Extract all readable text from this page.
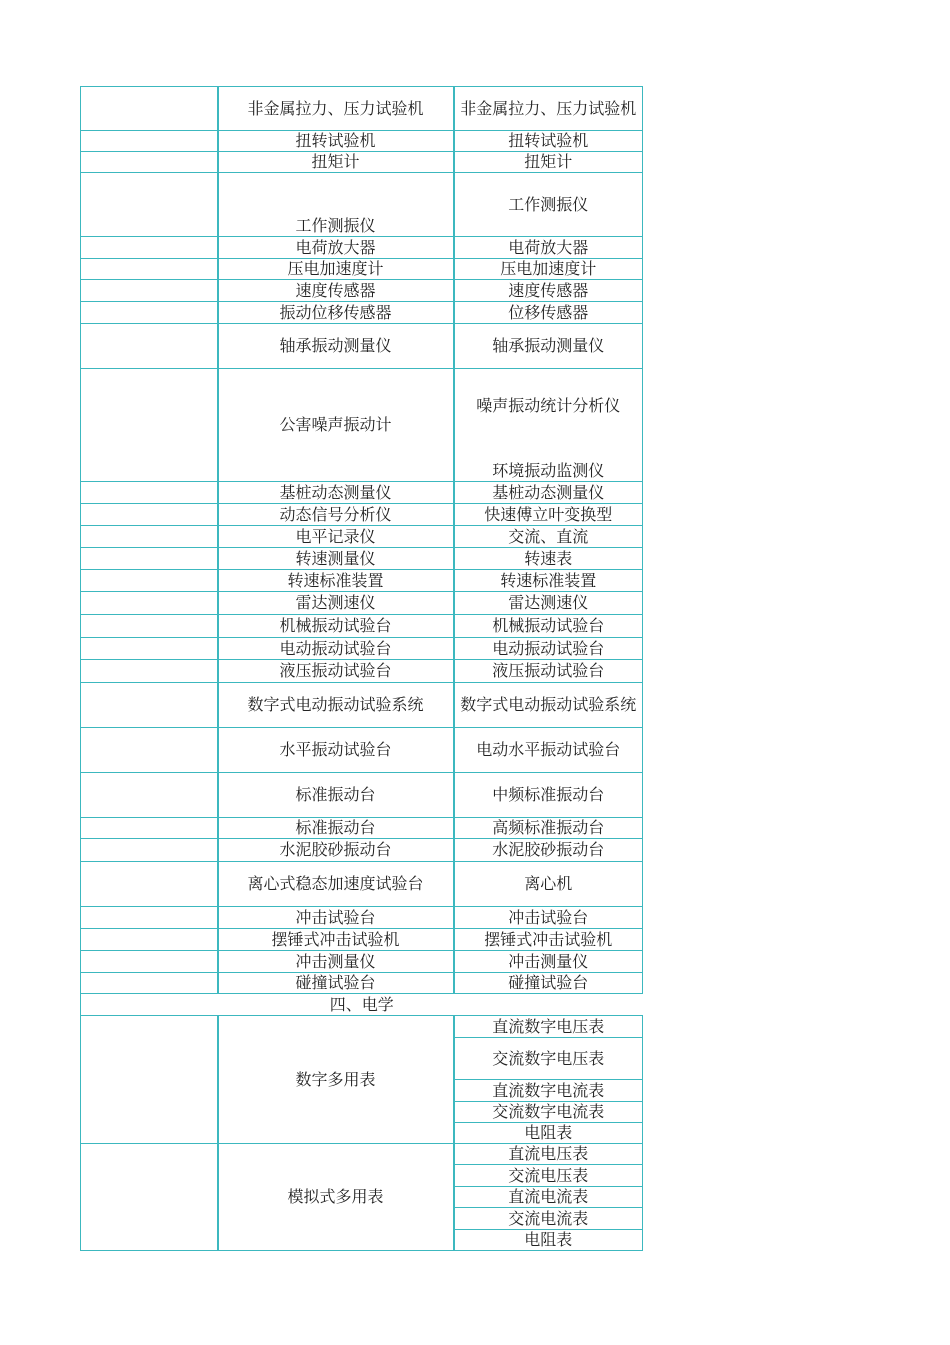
	非金属拉力、压力试验机	非金属拉力、压力试验机
	扭转试验机	扭转试验机
	扭矩计	扭矩计
	工作测振仪	工作测振仪
	电荷放大器	电荷放大器
	压电加速度计	压电加速度计
	速度传感器	速度传感器
	振动位移传感器	位移传感器
	轴承振动测量仪	轴承振动测量仪
	公害噪声振动计	噪声振动统计分析仪
环境振动监测仪

	基桩动态测量仪	基桩动态测量仪
	动态信号分析仪	快速傅立叶变换型
	电平记录仪	交流、直流
	转速测量仪	转速表
	转速标准装置	转速标准装置
	雷达测速仪	雷达测速仪
	机械振动试验台	机械振动试验台
	电动振动试验台	电动振动试验台
	液压振动试验台	液压振动试验台
	数字式电动振动试验系统	数字式电动振动试验系统
	水平振动试验台	电动水平振动试验台
	标准振动台	中频标准振动台
	标准振动台	高频标准振动台
	水泥胶砂振动台	水泥胶砂振动台
	离心式稳态加速度试验台	离心机
	冲击试验台	冲击试验台
	摆锤式冲击试验机	摆锤式冲击试验机
	冲击测量仪	冲击测量仪
	碰撞试验台	碰撞试验台
四、电学		
	数字多用表	直流数字电压表
		交流数字电压表
		直流数字电流表
		交流数字电流表
		电阻表
	模拟式多用表	直流电压表
		交流电压表
		直流电流表
		交流电流表
		电阻表
